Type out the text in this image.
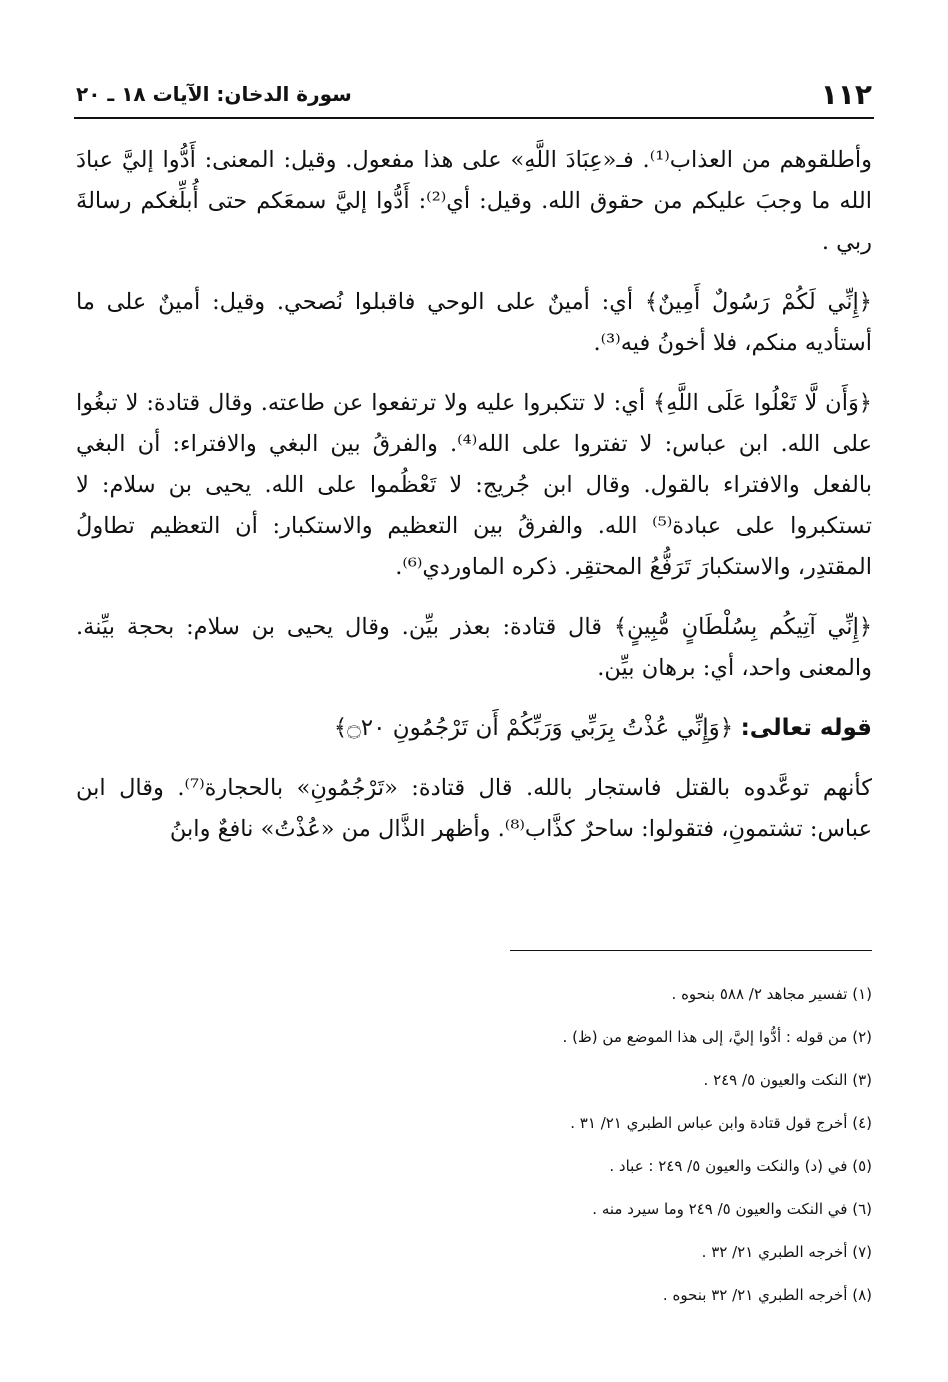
١١٢
سورة الدخان: الآيات ١٨ ـ ٢٠

وأطلقوهم من العذاب⁽¹⁾. فـ«عِبَادَ اللَّهِ» على هذا مفعول. وقيل: المعنى: أَدُّوا إليَّ عبادَ الله ما وجبَ عليكم من حقوق الله. وقيل: أي⁽²⁾: أَدُّوا إليَّ سمعَكم حتى أُبلِّغكم رسالةَ ربي .

﴿إِنِّي لَكُمْ رَسُولٌ أَمِينٌ﴾ أي: أمينٌ على الوحي فاقبلوا نُصحي. وقيل: أمينٌ على ما أستأديه منكم، فلا أخونُ فيه⁽³⁾.

﴿وَأَن لَّا تَعْلُوا عَلَى اللَّهِ﴾ أي: لا تتكبروا عليه ولا ترتفعوا عن طاعته. وقال قتادة: لا تبغُوا على الله. ابن عباس: لا تفتروا على الله⁽⁴⁾. والفرقُ بين البغي والافتراء: أن البغي بالفعل والافتراء بالقول. وقال ابن جُريج: لا تَعْظُموا على الله. يحيى بن سلام: لا تستكبروا على عبادة⁽⁵⁾ الله. والفرقُ بين التعظيم والاستكبار: أن التعظيم تطاولُ المقتدِر، والاستكبارَ تَرَفُّعُ المحتقِر. ذكره الماوردي⁽⁶⁾.

﴿إِنِّي آتِيكُم بِسُلْطَانٍ مُّبِينٍ﴾ قال قتادة: بعذر بيِّن. وقال يحيى بن سلام: بحجة بيِّنة. والمعنى واحد، أي: برهان بيِّن.

قوله تعالى: ﴿وَإِنِّي عُذْتُ بِرَبِّي وَرَبِّكُمْ أَن تَرْجُمُونِ ۝٢٠﴾

كأنهم توعَّدوه بالقتل فاستجار بالله. قال قتادة: «تَرْجُمُونِ» بالحجارة⁽⁷⁾. وقال ابن عباس: تشتمونِ، فتقولوا: ساحرٌ كذَّاب⁽⁸⁾. وأظهر الذَّال من «عُذْتُ» نافعٌ وابنُ

(١) تفسير مجاهد ٢/ ٥٨٨ بنحوه .
(٢) من قوله : أدُّوا إليَّ، إلى هذا الموضع من (ظ) .
(٣) النكت والعيون ٥/ ٢٤٩ .
(٤) أخرج قول قتادة وابن عباس الطبري ٢١/ ٣١ .
(٥) في (د) والنكت والعيون ٥/ ٢٤٩ : عباد .
(٦) في النكت والعيون ٥/ ٢٤٩ وما سيرد منه .
(٧) أخرجه الطبري ٢١/ ٣٢ .
(٨) أخرجه الطبري ٢١/ ٣٢ بنحوه .
